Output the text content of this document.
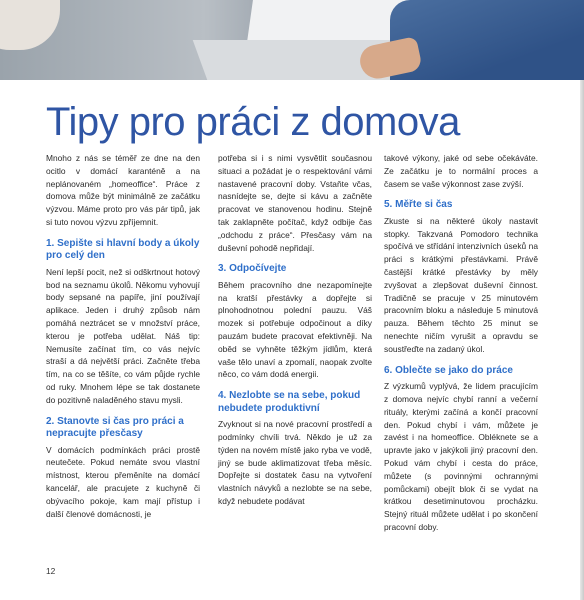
Tipy pro práci z domova

Mnoho z nás se téměř ze dne na den ocitlo v domácí karanténě a na neplánovaném „homeoffice“. Práce z domova může být minimálně ze začátku výzvou. Máme proto pro vás pár tipů, jak si tuto novou výzvu zpříjemnit.

1. Sepište si hlavní body a úkoly pro celý den

Není lepší pocit, než si odškrtnout hotový bod na seznamu úkolů. Někomu vyhovují body sepsané na papíře, jiní používají aplikace. Jeden i druhý způsob nám pomáhá neztrácet se v množství práce, kterou je potřeba udělat. Náš tip: Nemusíte začínat tím, co vás nejvíc straší a dá největší práci. Začněte třeba tím, na co se těšíte, co vám půjde rychle od ruky. Mnohem lépe se tak dostanete do pozitivně naladěného stavu mysli.

2. Stanovte si čas pro práci a nepracujte přesčasy

V domácích podmínkách práci prostě neutečete. Pokud nemáte svou vlastní místnost, kterou přeměníte na domácí kancelář, ale pracujete z kuchyně či obývacího pokoje, kam mají přístup i další členové domácnosti, je

potřeba si i s nimi vysvětlit současnou situaci a požádat je o respektování vámi nastavené pracovní doby. Vstaňte včas, nasnídejte se, dejte si kávu a začněte pracovat ve stanovenou hodinu. Stejně tak zaklapněte počítač, když odbije čas „odchodu z práce“. Přesčasy vám na duševní pohodě nepřidají.

3. Odpočívejte

Během pracovního dne nezapomínejte na kratší přestávky a dopřejte si plnohodnotnou polední pauzu. Váš mozek si potřebuje odpočinout a díky pauzám budete pracovat efektivněji. Na oběd se vyhněte těžkým jídlům, která vaše tělo unaví a zpomalí, naopak zvolte něco, co vám dodá energii.

4. Nezlobte se na sebe, pokud nebudete produktivní

Zvyknout si na nové pracovní prostředí a podmínky chvíli trvá. Někdo je už za týden na novém místě jako ryba ve vodě, jiný se bude aklimatizovat třeba měsíc. Dopřejte si dostatek času na vytvoření vlastních návyků a nezlobte se na sebe, když nebudete podávat

takové výkony, jaké od sebe očekáváte. Ze začátku je to normální proces a časem se vaše výkonnost zase zvýší.

5. Měřte si čas

Zkuste si na některé úkoly nastavit stopky. Takzvaná Pomodoro technika spočívá ve střídání intenzivních úseků na práci s krátkými přestávkami. Právě častější krátké přestávky by měly zvyšovat a zlepšovat duševní činnost. Tradičně se pracuje v 25 minutovém pracovním bloku a následuje 5 minutová pauza. Během těchto 25 minut se nenechte ničím vyrušit a opravdu se soustřeďte na zadaný úkol.

6. Oblečte se jako do práce

Z výzkumů vyplývá, že lidem pracujícím z domova nejvíc chybí ranní a večerní rituály, kterými začíná a končí pracovní den. Pokud chybí i vám, můžete je zavést i na homeoffice. Obléknete se a upravte jako v jakýkoli jiný pracovní den. Pokud vám chybí i cesta do práce, můžete (s povinnými ochrannými pomůckami) obejít blok či se vydat na krátkou desetiminutovou procházku. Stejný rituál můžete udělat i po skončení pracovní doby.

12
